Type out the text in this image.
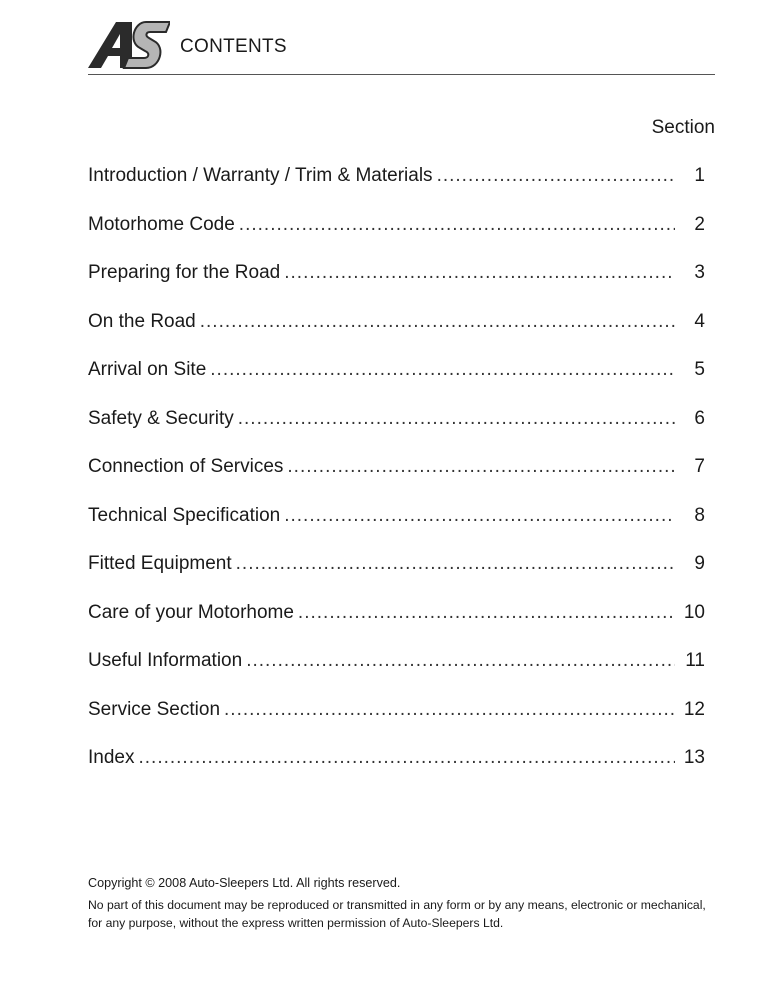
CONTENTS
Section
Introduction / Warranty / Trim & Materials .....	1
Motorhome Code .....	2
Preparing for the Road .....	3
On the Road .....	4
Arrival on Site .....	5
Safety & Security .....	6
Connection of Services .....	7
Technical Specification .....	8
Fitted Equipment .....	9
Care of your Motorhome .....	10
Useful Information .....	11
Service Section .....	12
Index .....	13
Copyright © 2008 Auto-Sleepers Ltd. All rights reserved.
No part of this document may be reproduced or transmitted in any form or by any means, electronic or mechanical, for any purpose, without the express written permission of Auto-Sleepers Ltd.
